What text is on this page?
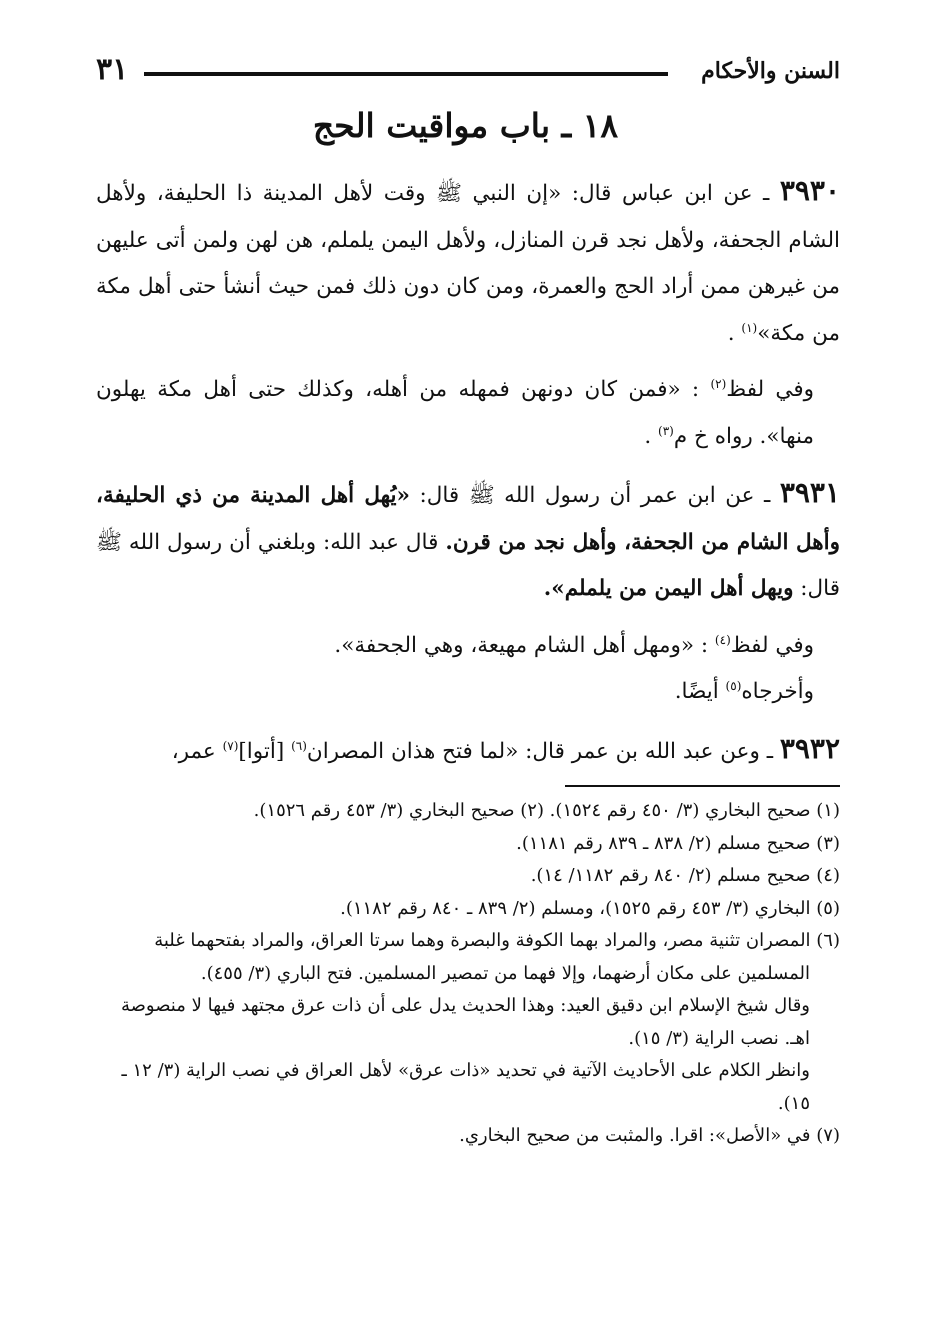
السنن والأحكام
٣١
١٨ ـ باب مواقيت الحج

٣٩٣٠ ـ عن ابن عباس قال: «إن النبي ﷺ وقت لأهل المدينة ذا الحليفة، ولأهل الشام الجحفة، ولأهل نجد قرن المنازل، ولأهل اليمن يلملم، هن لهن ولمن أتى عليهن من غيرهن ممن أراد الحج والعمرة، ومن كان دون ذلك فمن حيث أنشأ حتى أهل مكة من مكة»$^{(١)}$ .

وفي لفظ$^{(٢)}$ : «فمن كان دونهن فمهله من أهله، وكذلك حتى أهل مكة يهلون منها». رواه خ م$^{(٣)}$ .

٣٩٣١ ـ عن ابن عمر أن رسول الله ﷺ قال: «يُهل أهل المدينة من ذي الحليفة، وأهل الشام من الجحفة، وأهل نجد من قرن. قال عبد الله: وبلغني أن رسول الله ﷺ قال: ويهل أهل اليمن من يلملم».

وفي لفظ$^{(٤)}$ : «ومهل أهل الشام مهيعة، وهي الجحفة».

وأخرجاه$^{(٥)}$ أيضًا.

٣٩٣٢ ـ وعن عبد الله بن عمر قال: «لما فتح هذان المصران$^{(٦)}$ [أتوا]$^{(٧)}$ عمر،

(١) صحيح البخاري (٣/ ٤٥٠ رقم ١٥٢٤). (٢) صحيح البخاري (٣/ ٤٥٣ رقم ١٥٢٦).

(٣) صحيح مسلم (٢/ ٨٣٨ ـ ٨٣٩ رقم ١١٨١).

(٤) صحيح مسلم (٢/ ٨٤٠ رقم ١١٨٢/ ١٤).

(٥) البخاري (٣/ ٤٥٣ رقم ١٥٢٥)، ومسلم (٢/ ٨٣٩ ـ ٨٤٠ رقم ١١٨٢).

(٦) المصران تثنية مصر، والمراد بهما الكوفة والبصرة وهما سرتا العراق، والمراد بفتحهما غلبة المسلمين على مكان أرضهما، وإلا فهما من تمصير المسلمين. فتح الباري (٣/ ٤٥٥).

وقال شيخ الإسلام ابن دقيق العيد: وهذا الحديث يدل على أن ذات عرق مجتهد فيها لا منصوصة اهـ. نصب الراية (٣/ ١٥).

وانظر الكلام على الأحاديث الآتية في تحديد «ذات عرق» لأهل العراق في نصب الراية (٣/ ١٢ ـ ١٥).

(٧) في «الأصل»: اقرا. والمثبت من صحيح البخاري.
